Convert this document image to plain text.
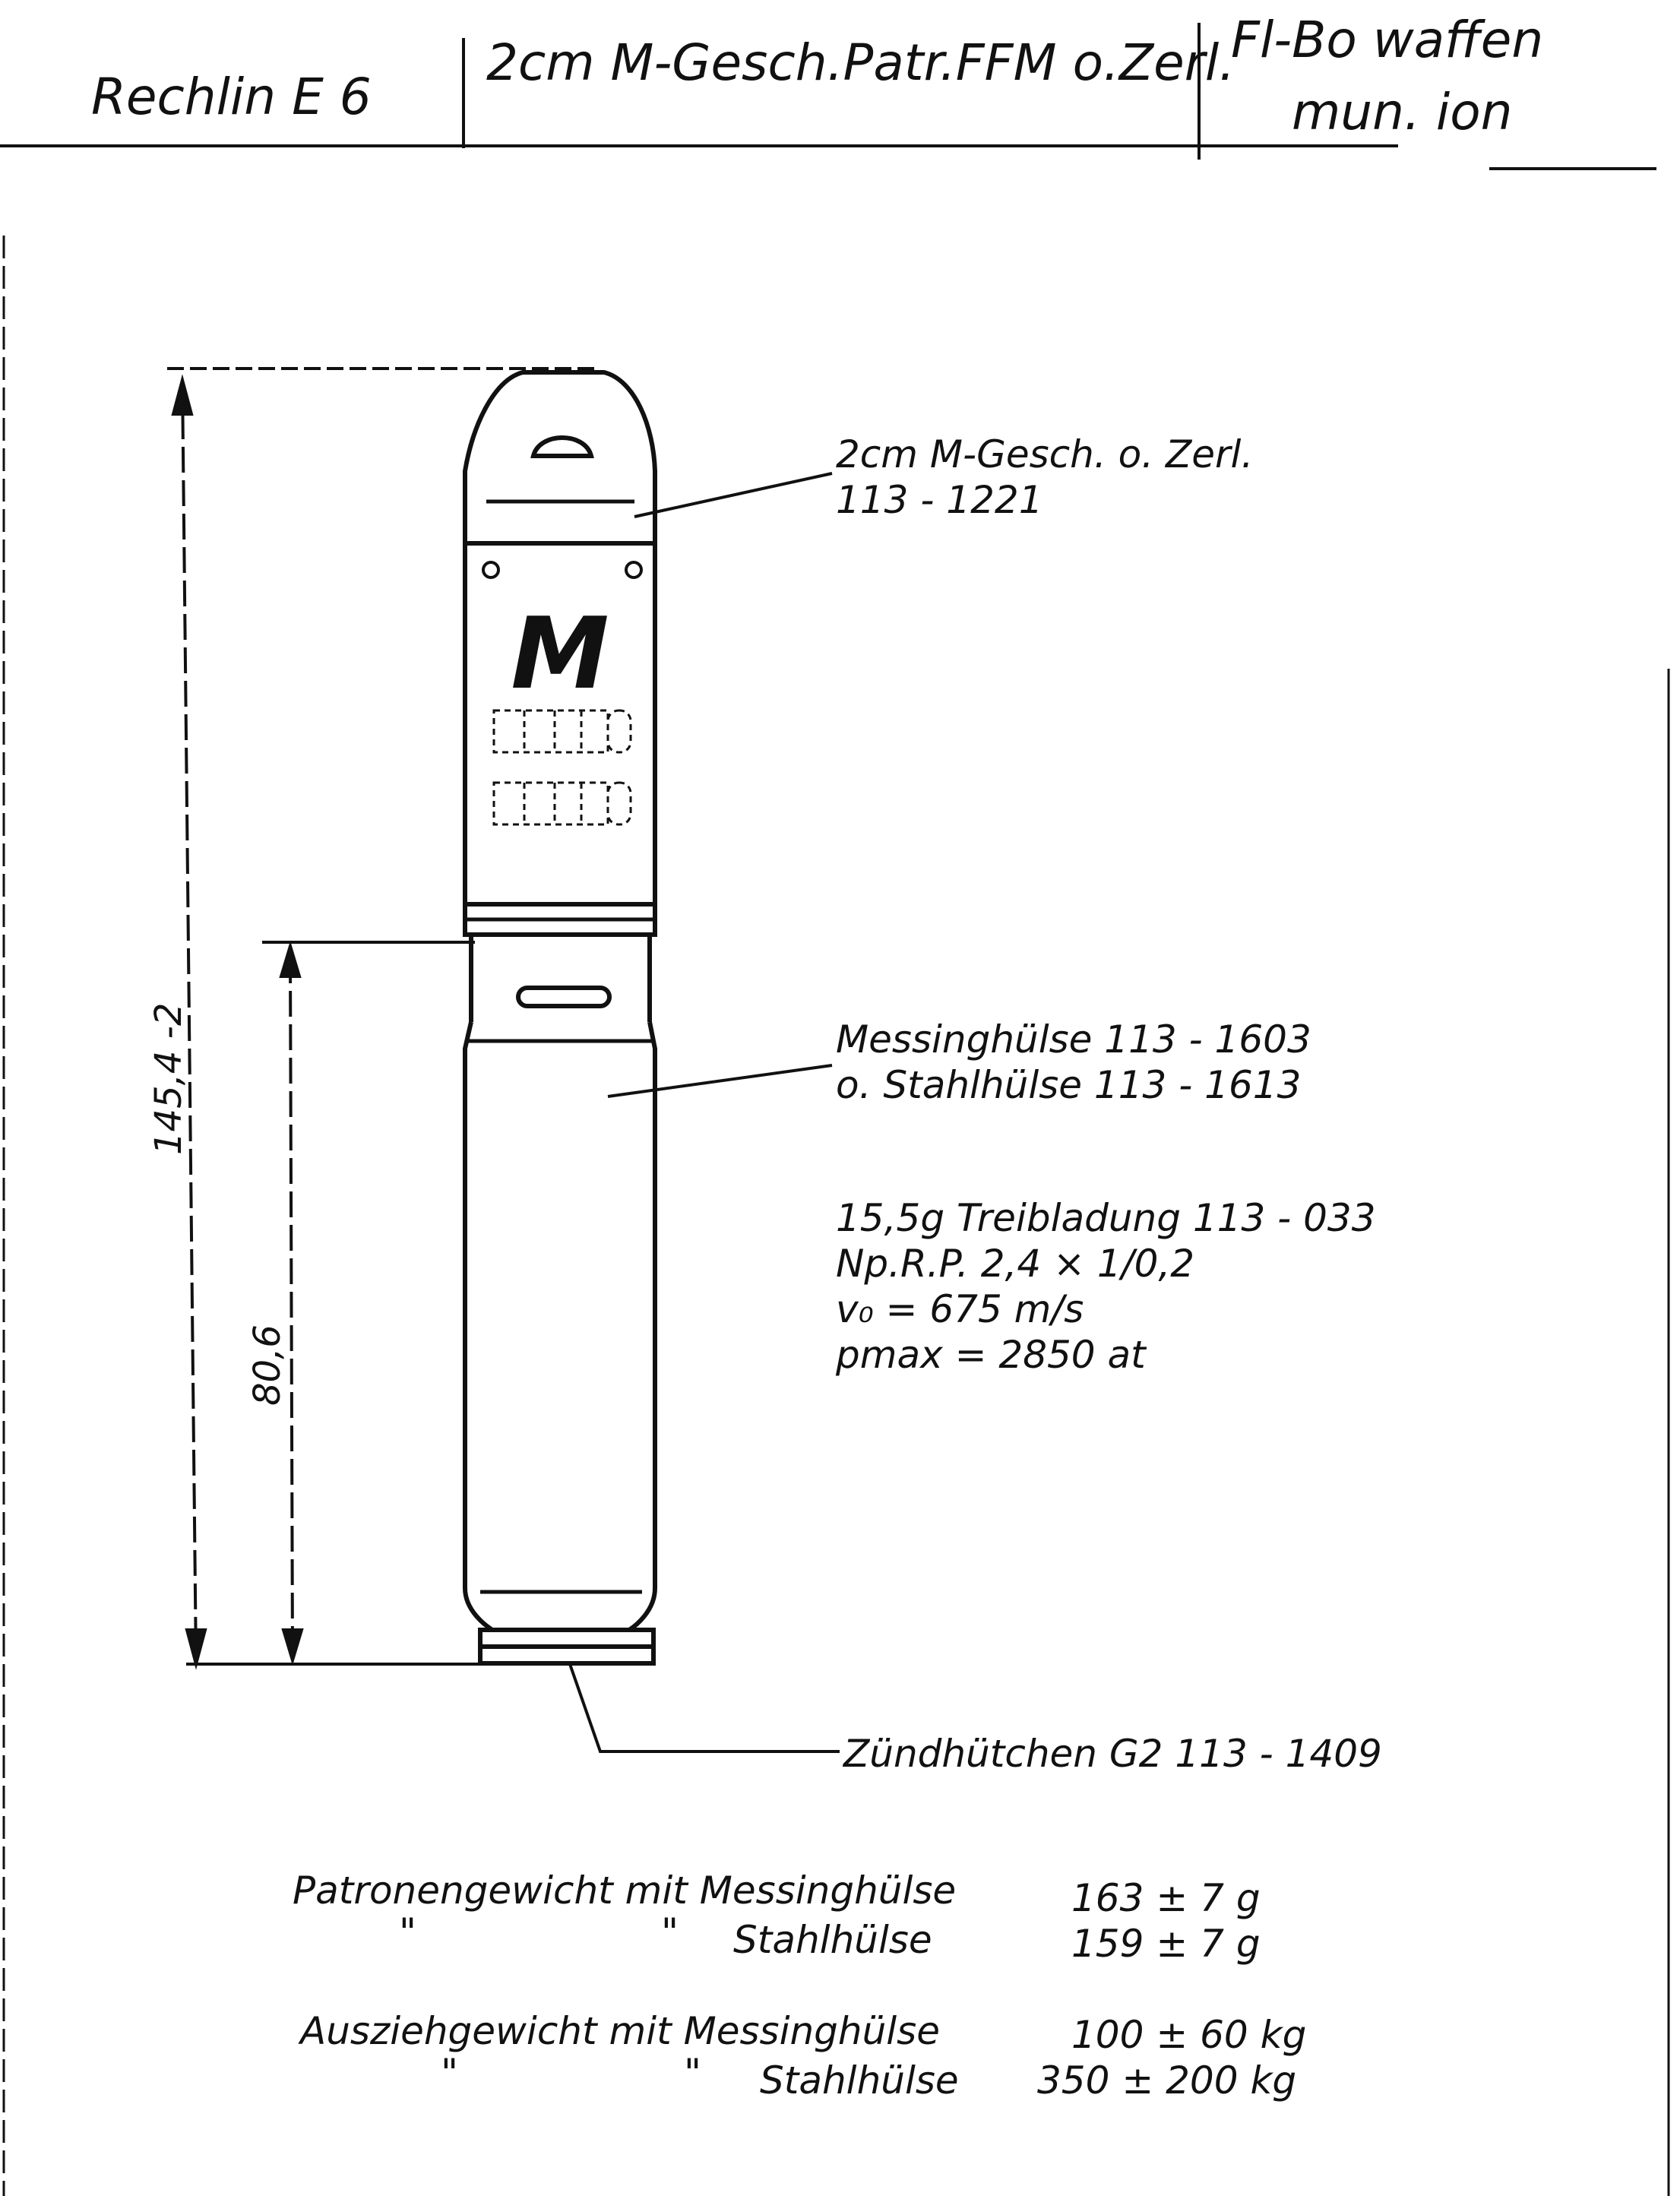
Rechlin E 6
2cm M-Gesch.Patr.FFM o.Zerl.
Fl-Bo waffen
mun. ion
M
145,4 -2
80,6
2cm M-Gesch. o. Zerl.
113 - 1221
Messinghülse 113 - 1603
o. Stahlhülse 113 - 1613
15,5g Treibladung 113 - 033
Np.R.P. 2,4 × 1/0,2
v₀ = 675 m/s
pmax = 2850 at
Zündhütchen G2 113 - 1409
Patronengewicht mit Messinghülse	163 ± 7 g
"	" Stahlhülse	159 ± 7 g
Ausziehgewicht mit Messinghülse	100 ± 60 kg
"	" Stahlhülse 350 ± 200 kg
